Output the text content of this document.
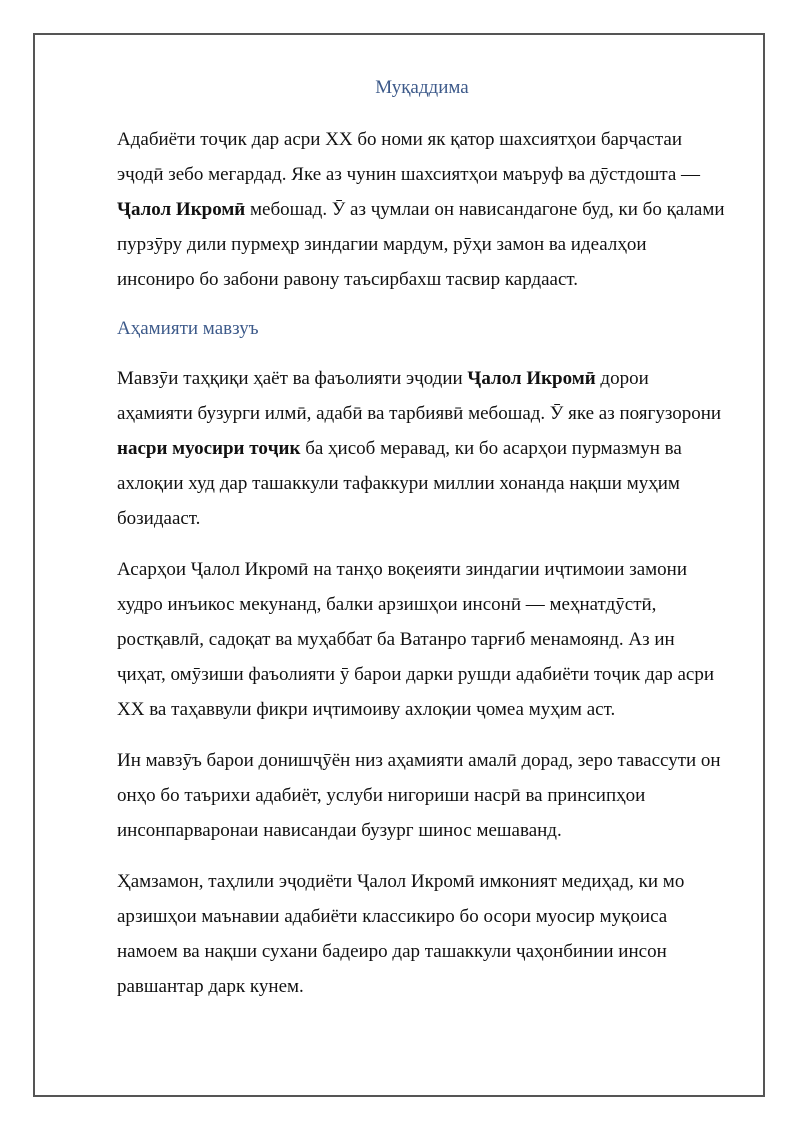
Муқаддима

Адабиёти тоҷик дар асри XX бо номи як қатор шахсиятҳои барҷастаи эҷодӣ зебо мегардад. Яке аз чунин шахсиятҳои маъруф ва дӯстдошта — Ҷалол Икромӣ мебошад. Ӯ аз ҷумлаи он нависандагоне буд, ки бо қалами пурзӯру дили пурмеҳр зиндагии мардум, рӯҳи замон ва идеалҳои инсониро бо забони равону таъсирбахш тасвир кардааст.

Аҳамияти мавзуъ

Мавзӯи таҳқиқи ҳаёт ва фаъолияти эҷодии Ҷалол Икромӣ дорои аҳамияти бузурги илмӣ, адабӣ ва тарбиявӣ мебошад. Ӯ яке аз поягузорони насри муосири тоҷик ба ҳисоб меравад, ки бо асарҳои пурмазмун ва ахлоқии худ дар ташаккули тафаккури миллии хонанда нақши муҳим бозидааст.

Асарҳои Ҷалол Икромӣ на танҳо воқеияти зиндагии иҷтимоии замони худро инъикос мекунанд, балки арзишҳои инсонӣ — меҳнатдӯстӣ, ростқавлӣ, садоқат ва муҳаббат ба Ватанро тарғиб менамоянд. Аз ин ҷиҳат, омӯзиши фаъолияти ӯ барои дарки рушди адабиёти тоҷик дар асри XX ва таҳаввули фикри иҷтимоиву ахлоқии ҷомеа муҳим аст.

Ин мавзӯъ барои донишҷӯён низ аҳамияти амалӣ дорад, зеро тавассути он онҳо бо таърихи адабиёт, услуби нигориши насрӣ ва принсипҳои инсонпарваронаи нависандаи бузург шинос мешаванд.

Ҳамзамон, таҳлили эҷодиёти Ҷалол Икромӣ имконият медиҳад, ки мо арзишҳои маънавии адабиёти классикиро бо осори муосир муқоиса намоем ва нақши сухани бадеиро дар ташаккули ҷаҳонбинии инсон равшантар дарк кунем.
